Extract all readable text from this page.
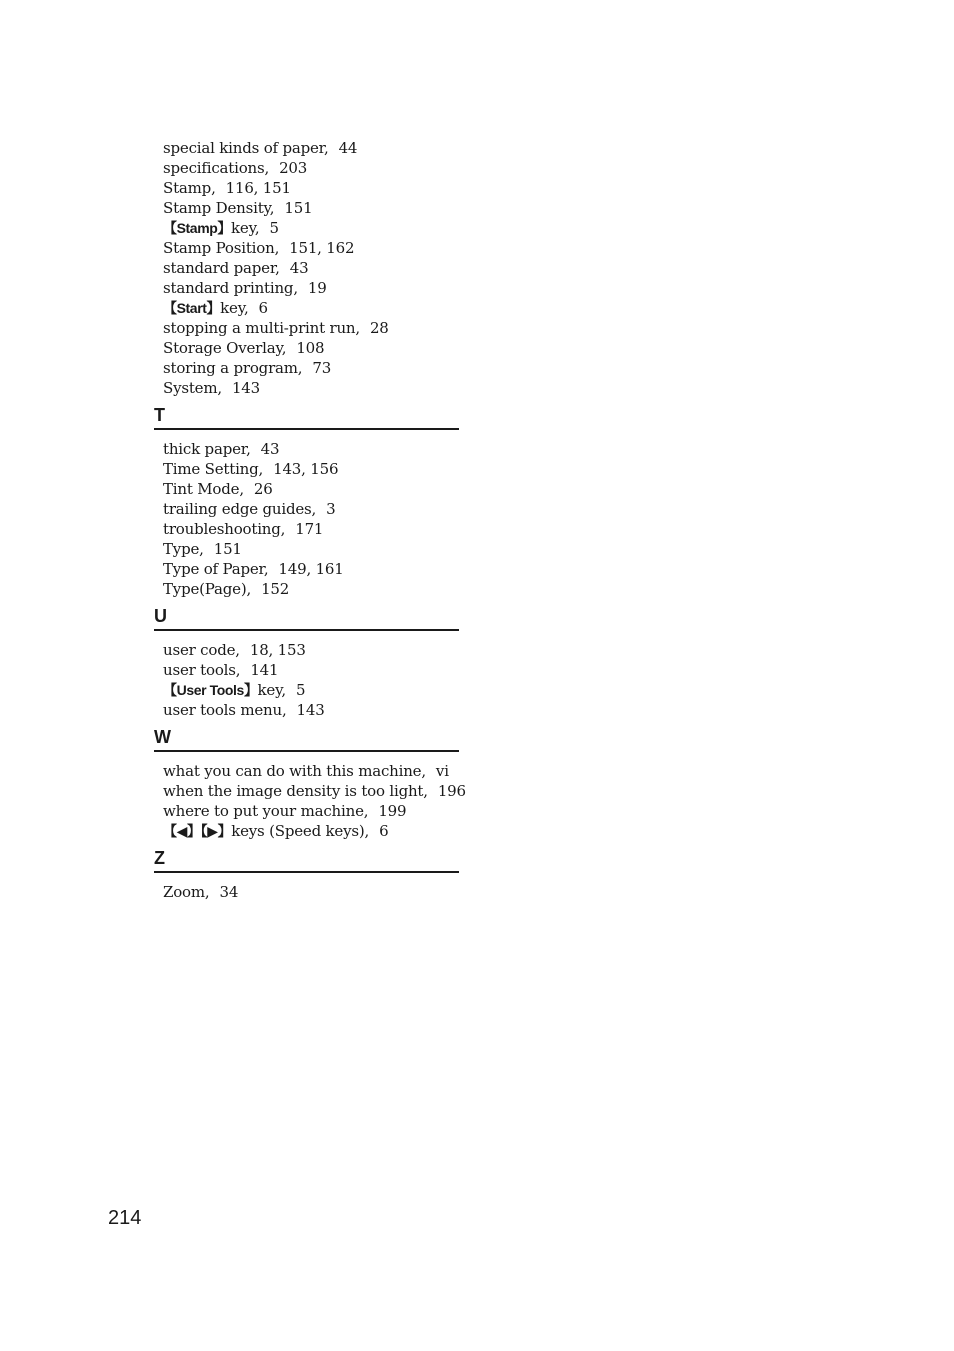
special kinds of paper, 44
specifications, 203
Stamp, 116, 151
Stamp Density, 151
【Stamp】key, 5
Stamp Position, 151, 162
standard paper, 43
standard printing, 19
【Start】key, 6
stopping a multi-print run, 28
Storage Overlay, 108
storing a program, 73
System, 143
T
thick paper, 43
Time Setting, 143, 156
Tint Mode, 26
trailing edge guides, 3
troubleshooting, 171
Type, 151
Type of Paper, 149, 161
Type(Page), 152
U
user code, 18, 153
user tools, 141
【User Tools】key, 5
user tools menu, 143
W
what you can do with this machine, vi
when the image density is too light, 196
where to put your machine, 199
【◀】【▶】keys (Speed keys), 6
Z
Zoom, 34
214
